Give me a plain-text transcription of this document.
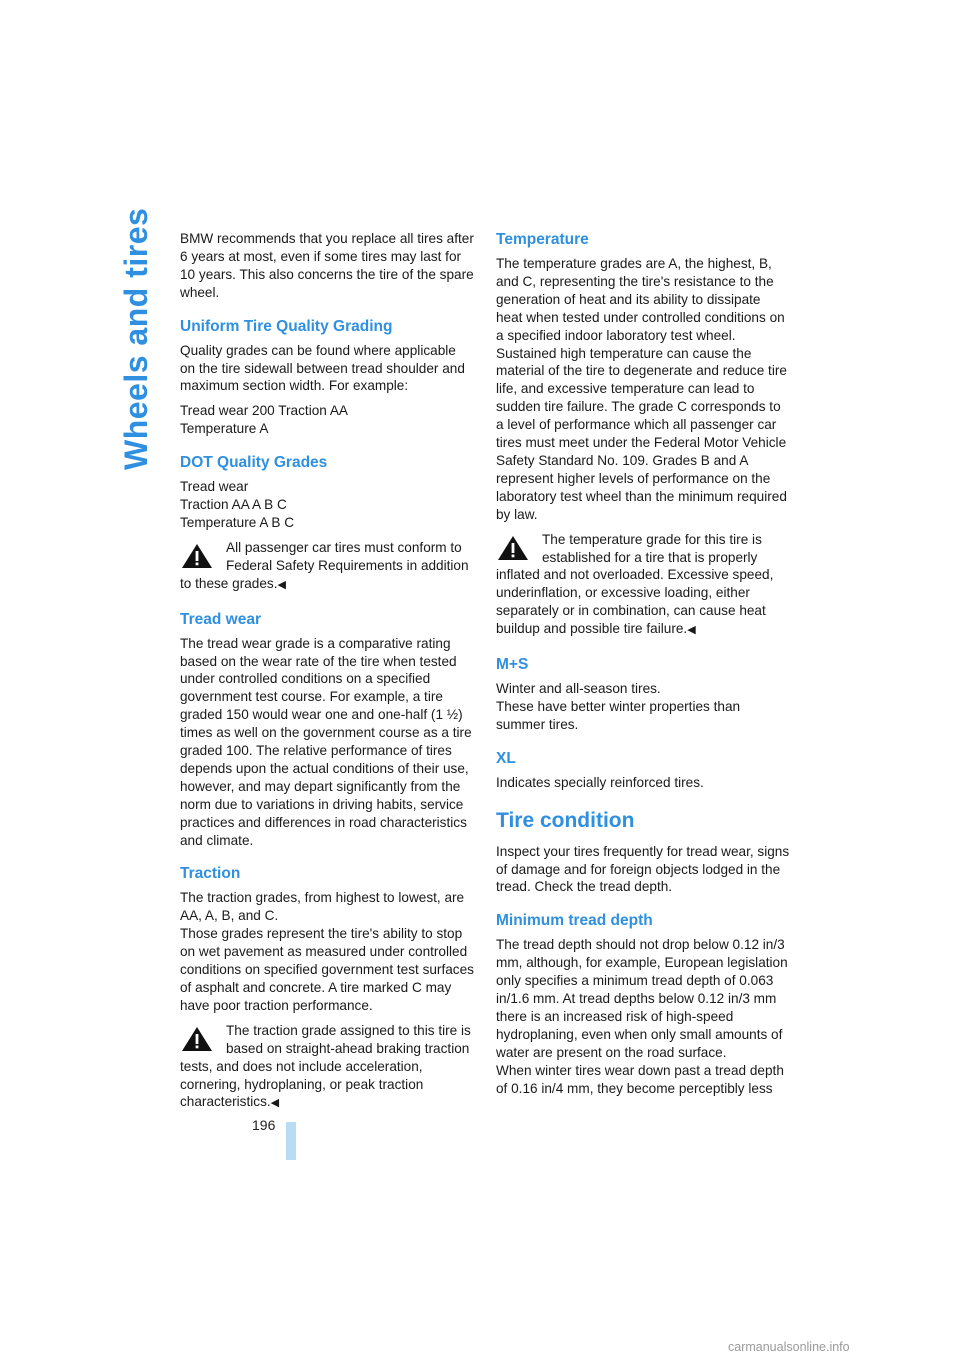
Wheels and tires BMW recommends that you replace all tires after 6 years at most, even if some tires may last for 10 years. This also concerns the tire of the spare wheel.

Uniform Tire Quality Grading

Quality grades can be found where applicable on the tire sidewall between tread shoulder and maximum section width. For example:

Tread wear 200 Traction AA

Temperature A

DOT Quality Grades

Tread wear

Traction AA A B C

Temperature A B C

All passenger car tires must conform to Federal Safety Requirements in addition to these grades.◀
Tread wear

The tread wear grade is a comparative rating based on the wear rate of the tire when tested under controlled conditions on a specified government test course. For example, a tire graded 150 would wear one and one-half (1 ½) times as well on the government course as a tire graded 100. The relative performance of tires depends upon the actual conditions of their use, however, and may depart significantly from the norm due to variations in driving habits, service practices and differences in road characteristics and climate.

Traction

The traction grades, from highest to lowest, are AA, A, B, and C.

Those grades represent the tire's ability to stop on wet pavement as measured under controlled conditions on specified government test surfaces of asphalt and concrete. A tire marked C may have poor traction performance.

The traction grade assigned to this tire is based on straight-ahead braking traction tests, and does not include acceleration, cornering, hydroplaning, or peak traction characteristics.◀
Temperature

The temperature grades are A, the highest, B, and C, representing the tire's resistance to the generation of heat and its ability to dissipate heat when tested under controlled conditions on a specified indoor laboratory test wheel. Sustained high temperature can cause the material of the tire to degenerate and reduce tire life, and excessive temperature can lead to sudden tire failure. The grade C corresponds to a level of performance which all passenger car tires must meet under the Federal Motor Vehicle Safety Standard No. 109. Grades B and A represent higher levels of performance on the laboratory test wheel than the minimum required by law.

The temperature grade for this tire is established for a tire that is properly inflated and not overloaded. Excessive speed, underinflation, or excessive loading, either separately or in combination, can cause heat buildup and possible tire failure.◀
M+S

Winter and all-season tires.

These have better winter properties than summer tires.

XL

Indicates specially reinforced tires.

Tire condition

Inspect your tires frequently for tread wear, signs of damage and for foreign objects lodged in the tread. Check the tread depth.

Minimum tread depth

The tread depth should not drop below 0.12 in/3 mm, although, for example, European legislation only specifies a minimum tread depth of 0.063 in/1.6 mm. At tread depths below 0.12 in/3 mm there is an increased risk of high-speed hydroplaning, even when only small amounts of water are present on the road surface.

When winter tires wear down past a tread depth of 0.16 in/4 mm, they become perceptibly less

196
carmanualsonline.info
